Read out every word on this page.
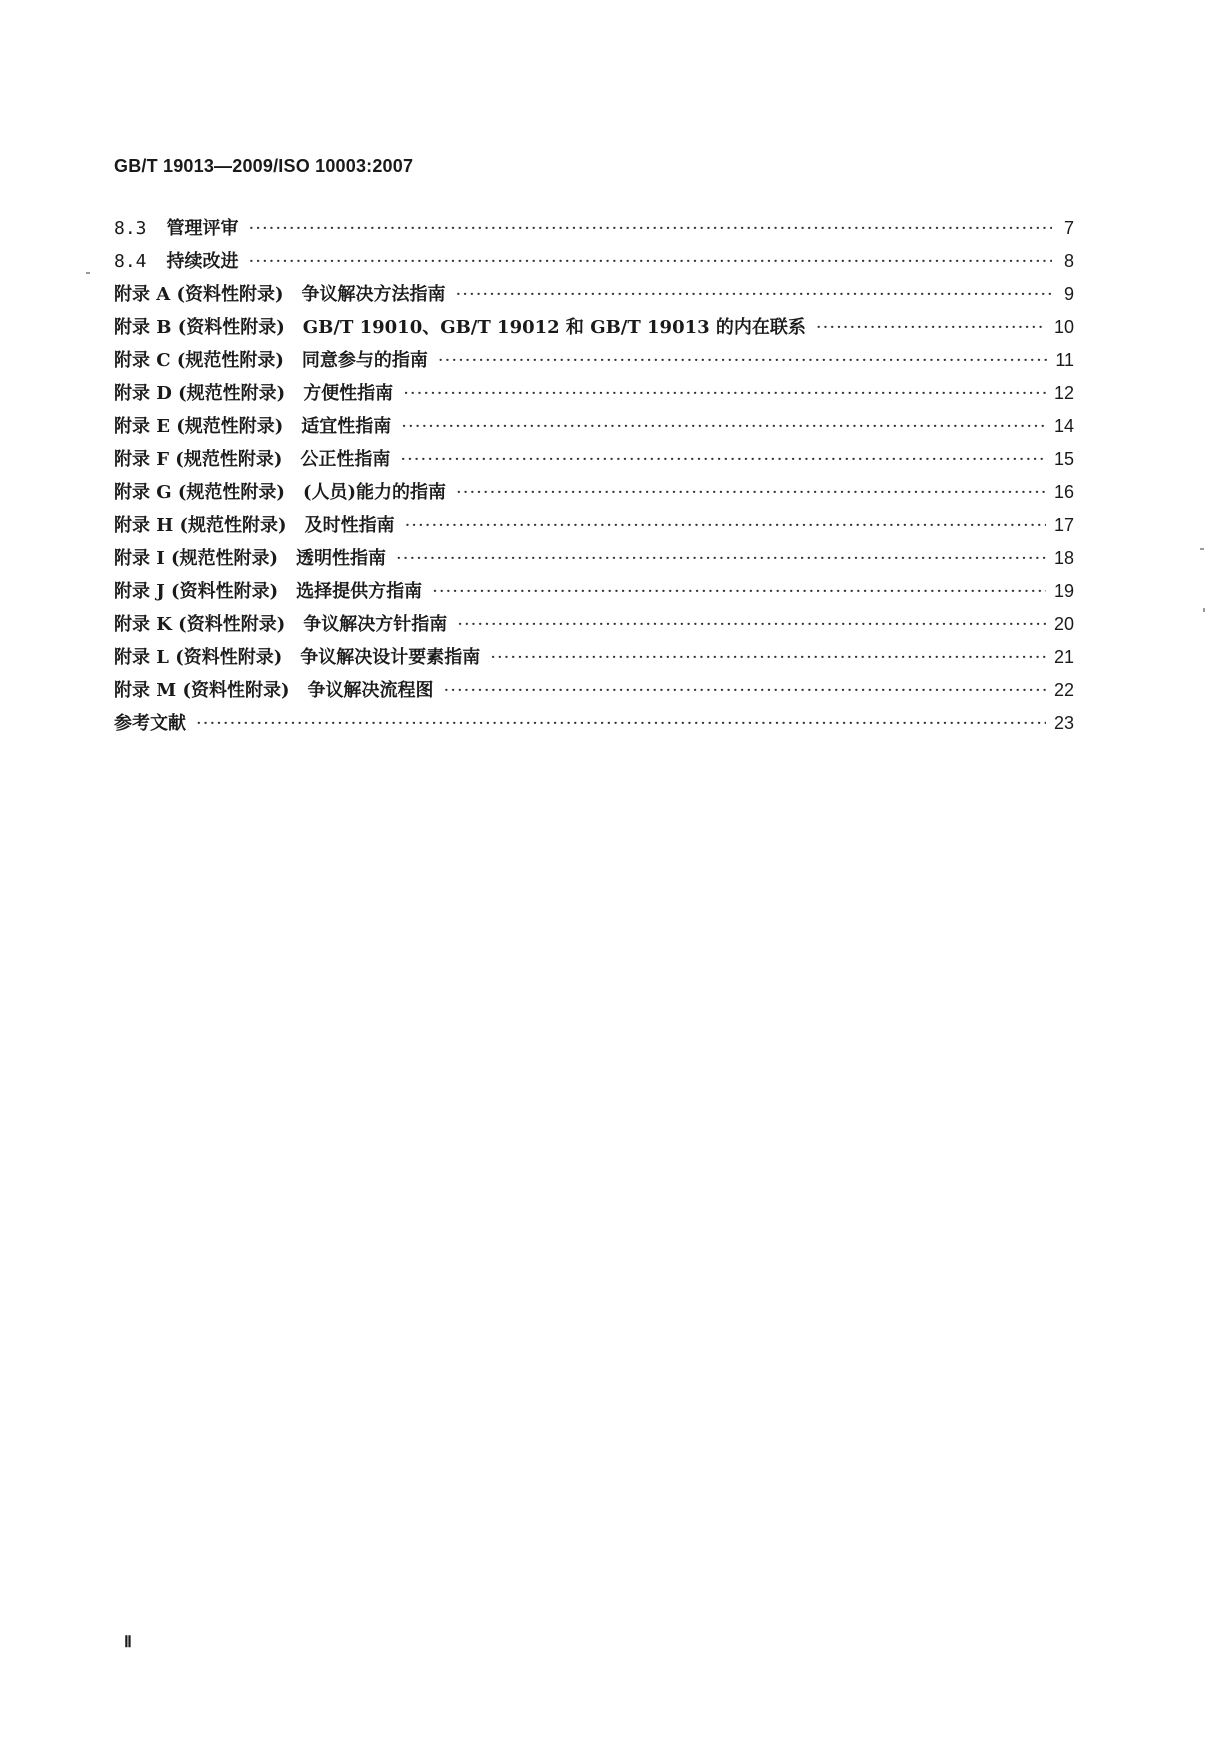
GB/T 19013—2009/ISO 10003:2007
8.3 管理评审 ·····	7
8.4 持续改进 ·····	8
附录 A (资料性附录) 争议解决方法指南 ·····	9
附录 B (资料性附录) GB/T 19010、GB/T 19012 和 GB/T 19013 的内在联系 ·····	10
附录 C (规范性附录) 同意参与的指南 ·····	11
附录 D (规范性附录) 方便性指南 ·····	12
附录 E (规范性附录) 适宜性指南 ·····	14
附录 F (规范性附录) 公正性指南 ·····	15
附录 G (规范性附录) (人员)能力的指南 ·····	16
附录 H (规范性附录) 及时性指南 ·····	17
附录 I (规范性附录) 透明性指南 ·····	18
附录 J (资料性附录) 选择提供方指南 ·····	19
附录 K (资料性附录) 争议解决方针指南 ·····	20
附录 L (资料性附录) 争议解决设计要素指南 ·····	21
附录 M (资料性附录) 争议解决流程图 ·····	22
参考文献 ·····	23
Ⅱ
